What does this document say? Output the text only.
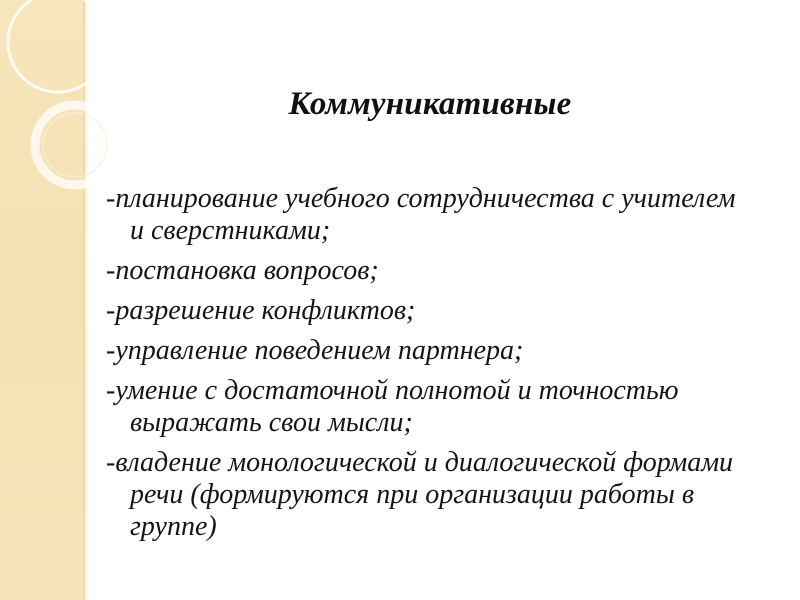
Коммуникативные
-планирование учебного сотрудничества с учителем и сверстниками;
-постановка вопросов;
-разрешение конфликтов;
-управление поведением партнера;
-умение с достаточной полнотой и точностью выражать свои мысли;
-владение монологической и диалогической формами речи (формируются при организации работы в группе)
